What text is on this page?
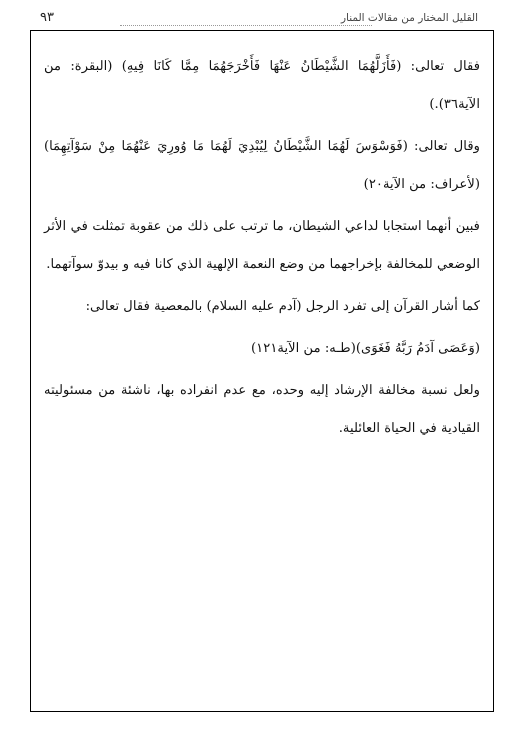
القليل المختار من مقالات المنار
٩٣

فقال تعالى: (فَأَزَلَّهُمَا الشَّيْطَانُ عَنْهَا فَأَخْرَجَهُمَا مِمَّا كَانَا فِيهِ) (البقرة: من الآية٣٦).)

وقال تعالى: (فَوَسْوَسَ لَهُمَا الشَّيْطَانُ لِيُبْدِيَ لَهُمَا مَا وُورِيَ عَنْهُمَا مِنْ سَوْآتِهِمَا)(لأعراف: من الآية٢٠)

فبين أنهما استجابا لداعي الشيطان، ما ترتب على ذلك من عقوبة تمثلت في الأثر الوضعي للمخالفة بإخراجهما من وضع النعمة الإلهية الذي كانا فيه و بيدوّ سوآتهما.

كما أشار القرآن إلى تفرد الرجل (آدم عليه السلام) بالمعصية فقال تعالى:

(وَعَصَى آدَمُ رَبَّهُ فَغَوَى)(طـه: من الآية١٢١)

ولعل نسبة مخالفة الإرشاد إليه وحده، مع عدم انفراده بها، ناشئة من مسئوليته القيادية في الحياة العائلية.
